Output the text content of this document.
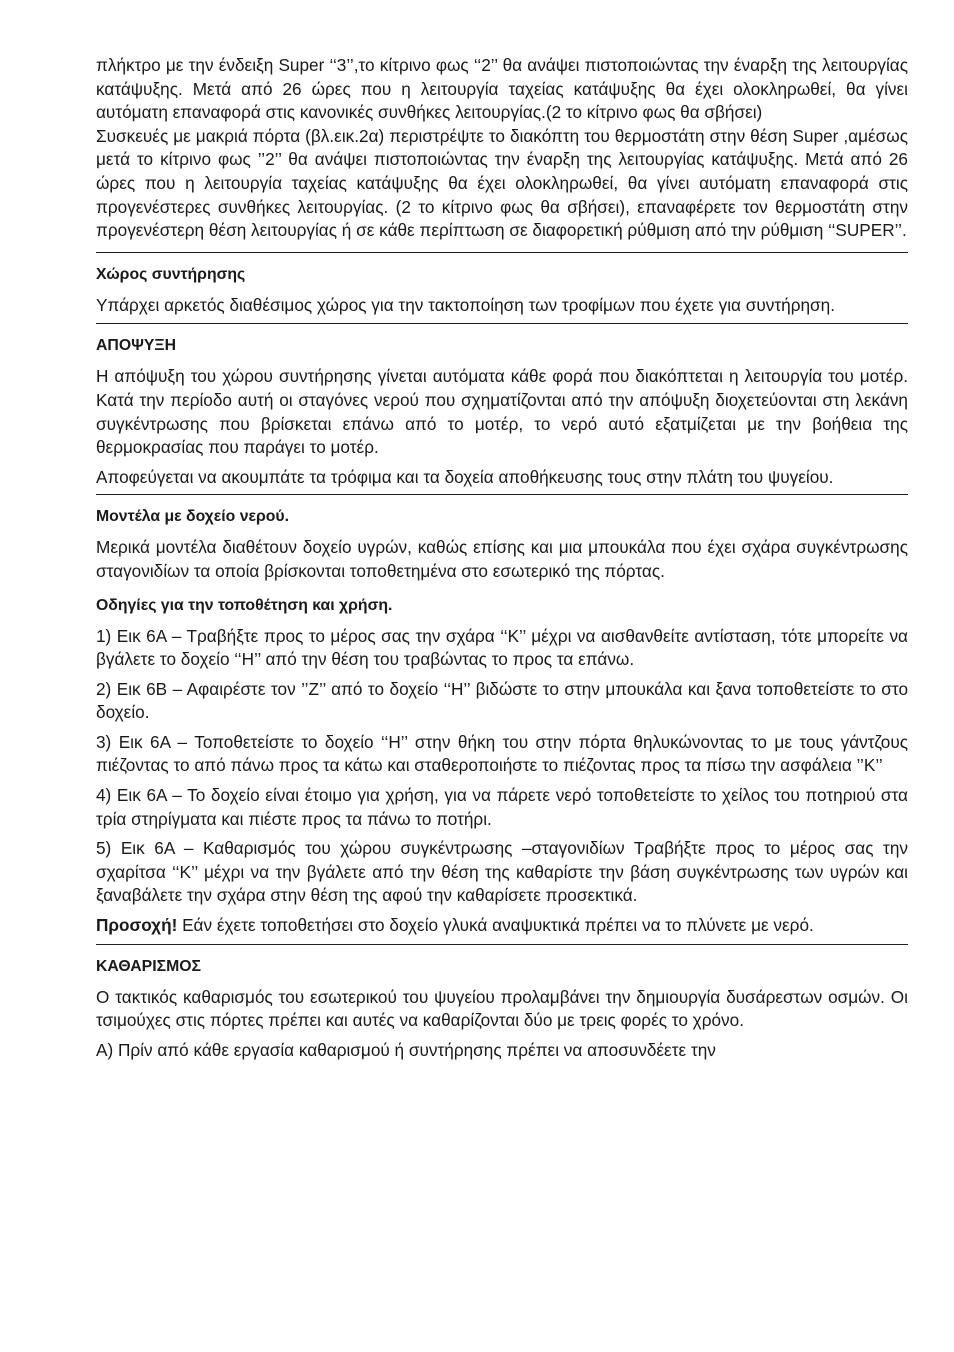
πλήκτρο με την ένδειξη Super ‘‘3’’,το κίτρινο φως ‘‘2’’ θα ανάψει πιστοποιώντας την έναρξη της λειτουργίας κατάψυξης. Μετά από 26 ώρες που η λειτουργία ταχείας κατάψυξης θα έχει ολοκληρωθεί, θα γίνει αυτόματη επαναφορά στις κανονικές συνθήκες λειτουργίας.(2 το κίτρινο φως θα σβήσει)

Συσκευές με μακριά πόρτα (βλ.εικ.2α) περιστρέψτε το διακόπτη του θερμοστάτη στην θέση Super ,αμέσως μετά το κίτρινο φως ’’2’’ θα ανάψει πιστοποιώντας την έναρξη της λειτουργίας κατάψυξης. Μετά από 26 ώρες που η λειτουργία ταχείας κατάψυξης θα έχει ολοκληρωθεί, θα γίνει αυτόματη επαναφορά στις προγενέστερες συνθήκες λειτουργίας. (2 το κίτρινο φως θα σβήσει), επαναφέρετε τον θερμοστάτη στην προγενέστερη θέση λειτουργίας ή σε κάθε περίπτωση σε διαφορετική ρύθμιση από την ρύθμιση ‘‘SUPER’’.

Χώρος συντήρησης

Υπάρχει αρκετός διαθέσιμος χώρος για την τακτοποίηση των τροφίμων που έχετε για συντήρηση.

ΑΠΟΨΥΞΗ

Η απόψυξη του χώρου συντήρησης γίνεται αυτόματα κάθε φορά που διακόπτεται η λειτουργία του μοτέρ. Κατά την περίοδο αυτή οι σταγόνες νερού που σχηματίζονται από την απόψυξη διοχετεύονται στη λεκάνη συγκέντρωσης που βρίσκεται επάνω από το μοτέρ, το νερό αυτό εξατμίζεται με την βοήθεια της θερμοκρασίας που παράγει το μοτέρ.

Αποφεύγεται να ακουμπάτε τα τρόφιμα και τα δοχεία αποθήκευσης τους στην πλάτη του ψυγείου.

Μοντέλα με δοχείο νερού.

Μερικά μοντέλα διαθέτουν δοχείο υγρών, καθώς επίσης και μια μπουκάλα που έχει σχάρα συγκέντρωσης σταγονιδίων τα οποία βρίσκονται τοποθετημένα στο εσωτερικό της πόρτας.

Οδηγίες για την τοποθέτηση και χρήση.

1) Εικ 6Α – Τραβήξτε προς το μέρος σας την σχάρα ‘‘Κ’’ μέχρι να αισθανθείτε αντίσταση, τότε μπορείτε να βγάλετε το δοχείο ‘‘Η’’ από την θέση του τραβώντας το προς τα επάνω.

2) Εικ 6Β – Αφαιρέστε τον ’’Ζ’’ από το δοχείο ‘‘Η’’ βιδώστε το στην μπουκάλα και ξανα τοποθετείστε το στο δοχείο.

3) Εικ 6Α – Τοποθετείστε το δοχείο ‘‘Η’’ στην θήκη του στην πόρτα θηλυκώνοντας το με τους γάντζους πιέζοντας το από πάνω προς τα κάτω και σταθεροποιήστε το πιέζοντας προς τα πίσω την ασφάλεια ’’Κ’’

4) Εικ 6Α – Το δοχείο είναι έτοιμο για χρήση, για να πάρετε νερό τοποθετείστε το χείλος του ποτηριού στα τρία στηρίγματα και πιέστε προς τα πάνω το ποτήρι.

5) Εικ 6Α – Καθαρισμός του χώρου συγκέντρωσης –σταγονιδίων Τραβήξτε προς το μέρος σας την σχαρίτσα ‘‘Κ’’ μέχρι να την βγάλετε από την θέση της καθαρίστε την βάση συγκέντρωσης των υγρών και ξαναβάλετε την σχάρα στην θέση της αφού την καθαρίσετε προσεκτικά.

Προσοχή! Εάν έχετε τοποθετήσει στο δοχείο γλυκά αναψυκτικά πρέπει να το πλύνετε με νερό.

ΚΑΘΑΡΙΣΜΟΣ

Ο τακτικός καθαρισμός του εσωτερικού του ψυγείου προλαμβάνει την δημιουργία δυσάρεστων οσμών. Οι τσιμούχες στις πόρτες πρέπει και αυτές να καθαρίζονται δύο με τρεις φορές το χρόνο.

Α) Πρίν από κάθε εργασία καθαρισμού ή συντήρησης πρέπει να αποσυνδέετε την
